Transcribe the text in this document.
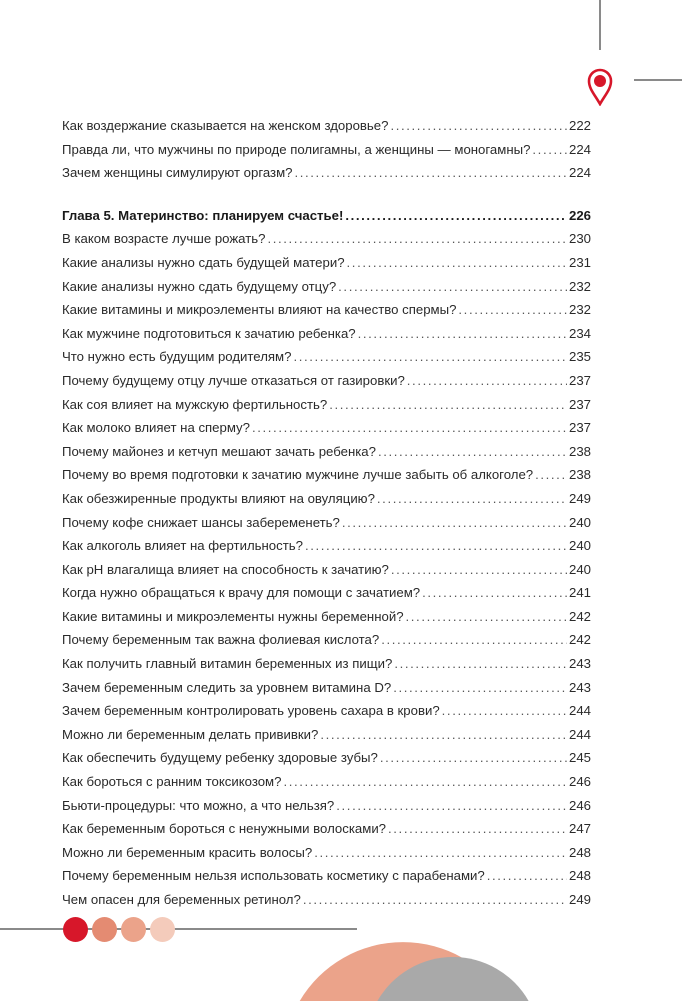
Как воздержание сказывается на женском здоровье? .....	222
Правда ли, что мужчины по природе полигамны, а женщины — моногамны? .....	224
Зачем женщины симулируют оргазм? .....	224
Глава 5. Материнство: планируем счастье! .....	226
В каком возрасте лучше рожать? .....	230
Какие анализы нужно сдать будущей матери? .....	231
Какие анализы нужно сдать будущему отцу? .....	232
Какие витамины и микроэлементы влияют на качество спермы? .....	232
Как мужчине подготовиться к зачатию ребенка? .....	234
Что нужно есть будущим родителям? .....	235
Почему будущему отцу лучше отказаться от газировки? .....	237
Как соя влияет на мужскую фертильность? .....	237
Как молоко влияет на сперму? .....	237
Почему майонез и кетчуп мешают зачать ребенка? .....	238
Почему во время подготовки к зачатию мужчине лучше забыть об алкоголе? .....	238
Как обезжиренные продукты влияют на овуляцию? .....	249
Почему кофе снижает шансы забеременеть? .....	240
Как алкоголь влияет на фертильность? .....	240
Как pH влагалища влияет на способность к зачатию? .....	240
Когда нужно обращаться к врачу для помощи с зачатием? .....	241
Какие витамины и микроэлементы нужны беременной? .....	242
Почему беременным так важна фолиевая кислота? .....	242
Как получить главный витамин беременных из пищи? .....	243
Зачем беременным следить за уровнем витамина D? .....	243
Зачем беременным контролировать уровень сахара в крови? .....	244
Можно ли беременным делать прививки? .....	244
Как обеспечить будущему ребенку здоровые зубы? .....	245
Как бороться с ранним токсикозом? .....	246
Бьюти-процедуры: что можно, а что нельзя? .....	246
Как беременным бороться с ненужными волосками? .....	247
Можно ли беременным красить волосы? .....	248
Почему беременным нельзя использовать косметику с парабенами? .....	248
Чем опасен для беременных ретинол? .....	249
